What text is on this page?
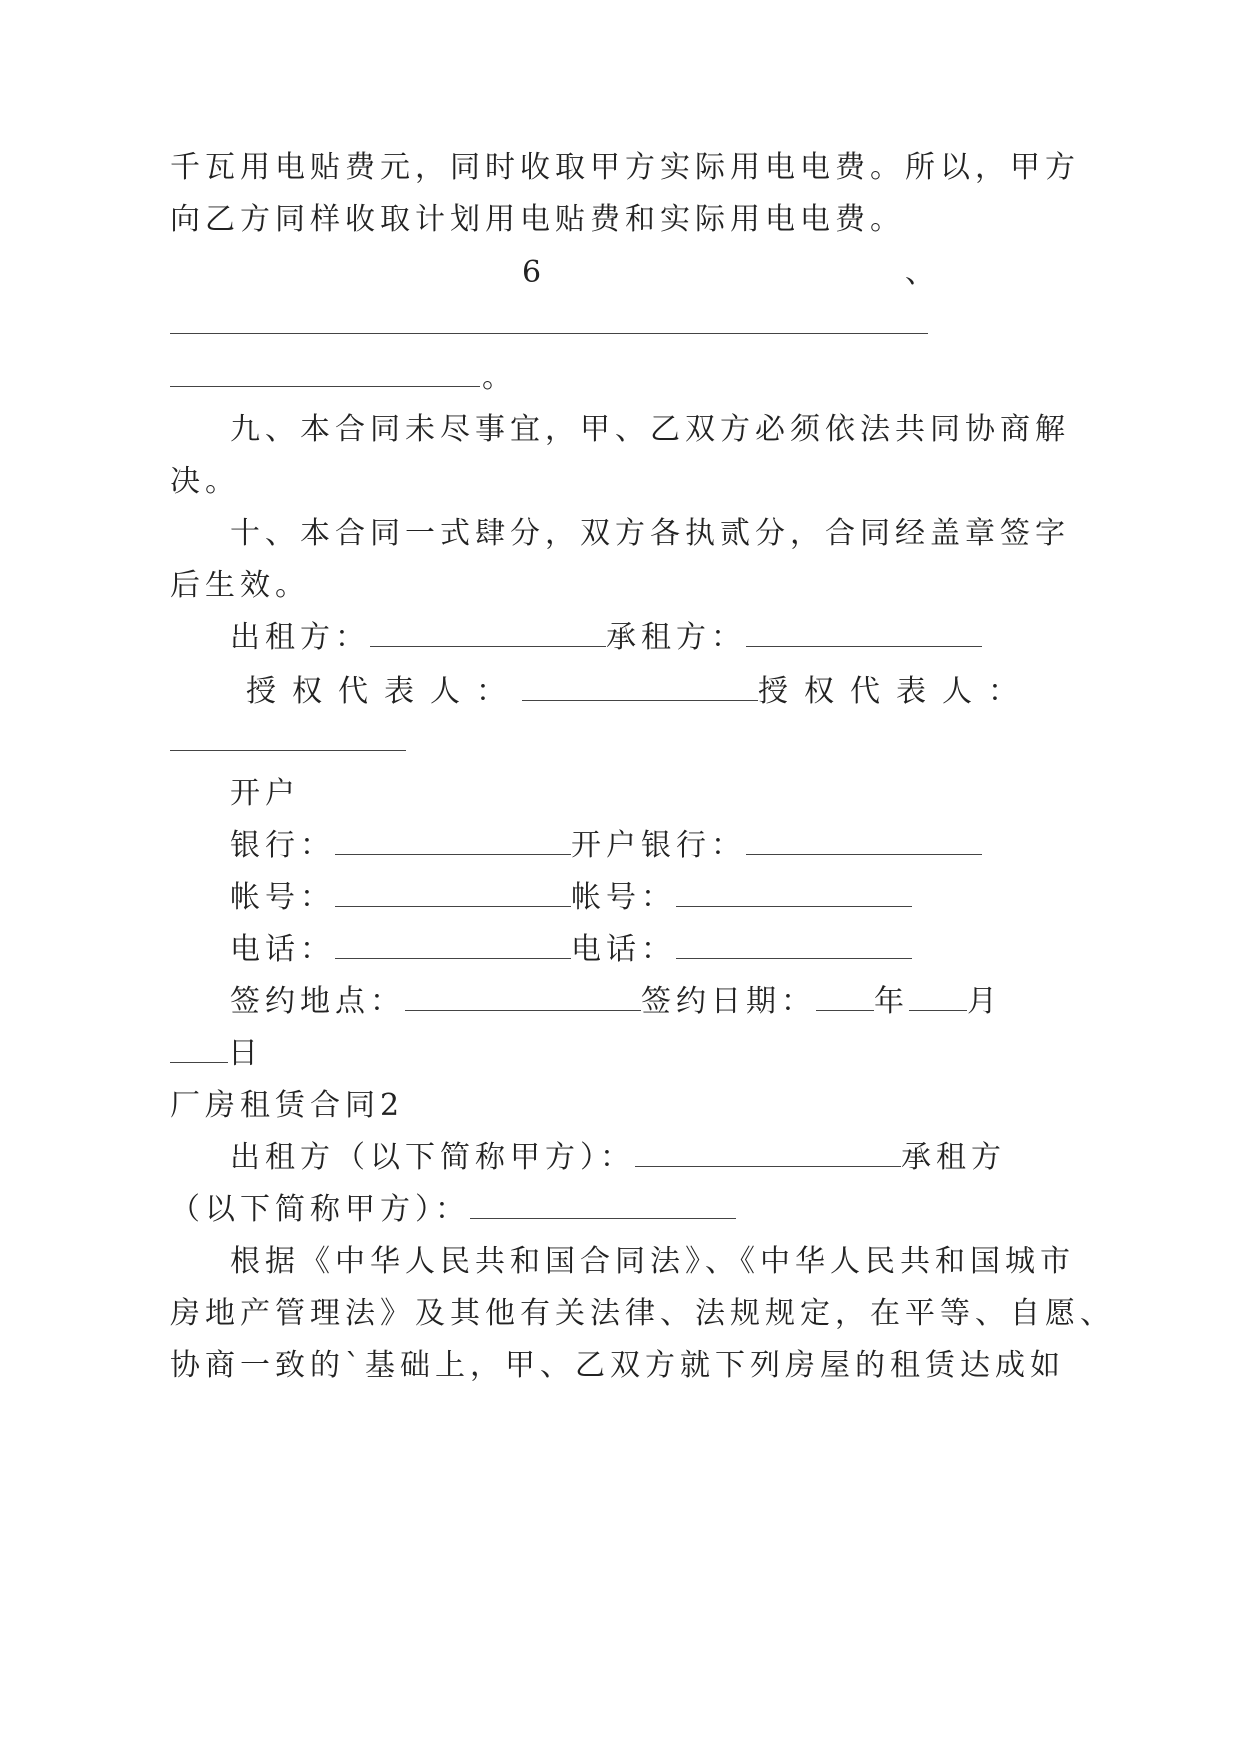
千瓦用电贴费元，同时收取甲方实际用电电费。所以，甲方
向乙方同样收取计划用电贴费和实际用电电费。
6	、
。
九、本合同未尽事宜，甲、乙双方必须依法共同协商解
决。
十、本合同一式肆分，双方各执贰分，合同经盖章签字
后生效。
出租方：	承租方：
授权代表人：	授权代表人：
开户
银行：	开户银行：
帐号：	帐号：
电话：	电话：
签约地点：	签约日期： 年 月
日
厂房租赁合同2
出租方（以下简称甲方）：	承租方
（以下简称甲方）：
根据《中华人民共和国合同法》、《中华人民共和国城市
房地产管理法》及其他有关法律、法规规定，在平等、自愿、
协商一致的`基础上，甲、乙双方就下列房屋的租赁达成如
